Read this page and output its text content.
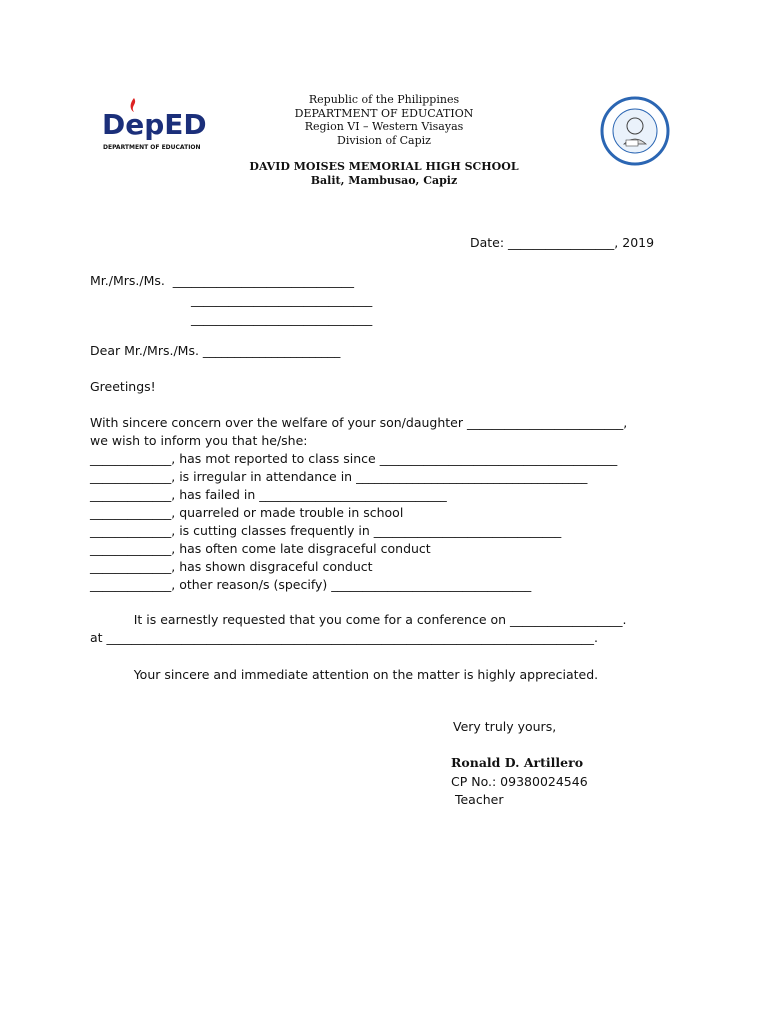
DepED
DEPARTMENT OF EDUCATION
Republic of the Philippines
DEPARTMENT OF EDUCATION
Region VI – Western Visayas
Division of Capiz
DAVID MOISES MEMORIAL HIGH SCHOOL
Balit, Mambusao, Capiz
Date: _________________, 2019
Mr./Mrs./Ms.  _____________________________
_____________________________
_____________________________
Dear Mr./Mrs./Ms. ______________________
Greetings!
With sincere concern over the welfare of your son/daughter _________________________,
we wish to inform you that he/she:
_____________, has mot reported to class since ______________________________________
_____________, is irregular in attendance in _____________________________________
_____________, has failed in ______________________________
_____________, quarreled or made trouble in school
_____________, is cutting classes frequently in ______________________________
_____________, has often come late disgraceful conduct
_____________, has shown disgraceful conduct
_____________, other reason/s (specify) ________________________________
It is earnestly requested that you come for a conference on __________________.
at ______________________________________________________________________________.
Your sincere and immediate attention on the matter is highly appreciated.
Very truly yours,
Ronald D. Artillero
CP No.: 09380024546
Teacher
